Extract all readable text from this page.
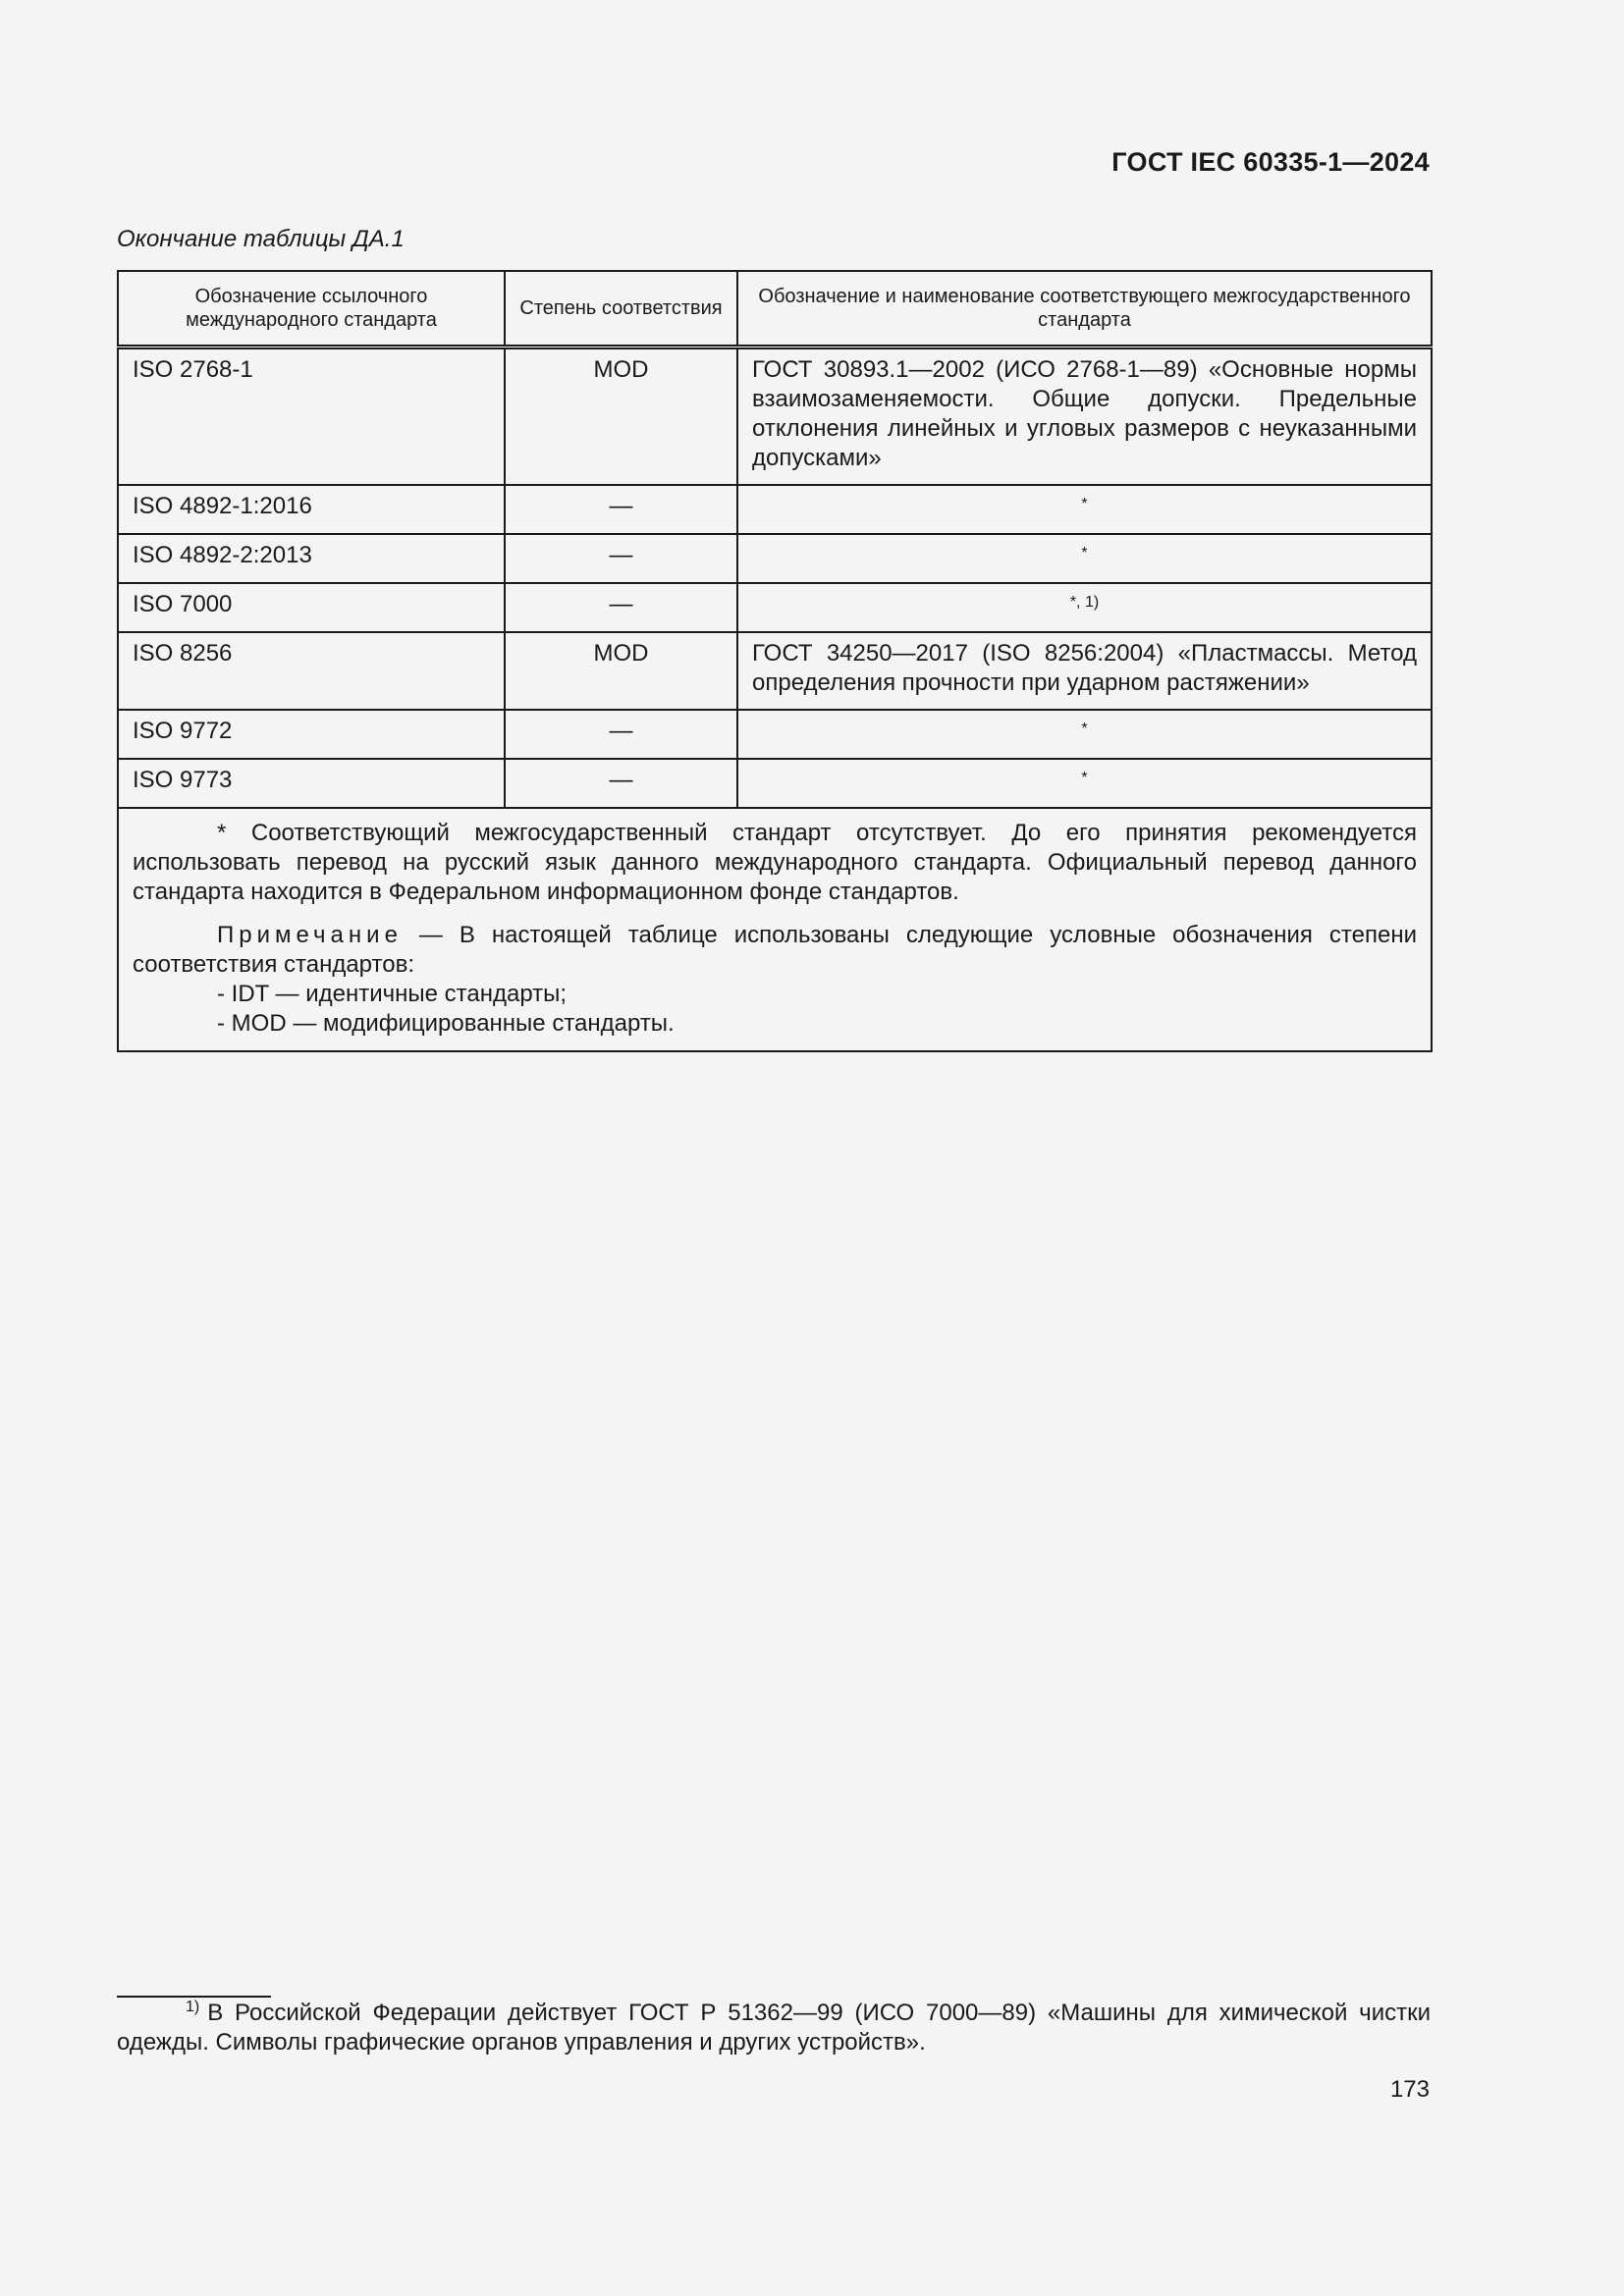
ГОСТ IEC 60335-1—2024
Окончание таблицы ДА.1
Обозначение ссылочного международного стандарта	Степень соответствия	Обозначение и наименование соответствующего межгосударственного стандарта
ISO 2768-1	MOD	ГОСТ 30893.1—2002 (ИСО 2768-1—89) «Основные нормы взаимозаменяемости. Общие допуски. Предельные отклонения линейных и угловых размеров с неуказанными допусками»
ISO 4892-1:2016	—	*
ISO 4892-2:2013	—	*
ISO 7000	—	*, 1)
ISO 8256	MOD	ГОСТ 34250—2017 (ISO 8256:2004) «Пластмассы. Метод определения прочности при ударном растяжении»
ISO 9772	—	*
ISO 9773	—	*

* Соответствующий межгосударственный стандарт отсутствует. До его принятия рекомендуется использовать перевод на русский язык данного международного стандарта. Официальный перевод данного стандарта находится в Федеральном информационном фонде стандартов.

Примечание — В настоящей таблице использованы следующие условные обозначения степени соответствия стандартов:

- IDT — идентичные стандарты;
- MOD — модифицированные стандарты.		
$^{1)}$ В Российской Федерации действует ГОСТ Р 51362—99 (ИСО 7000—89) «Машины для химической чистки одежды. Символы графические органов управления и других устройств».
173
